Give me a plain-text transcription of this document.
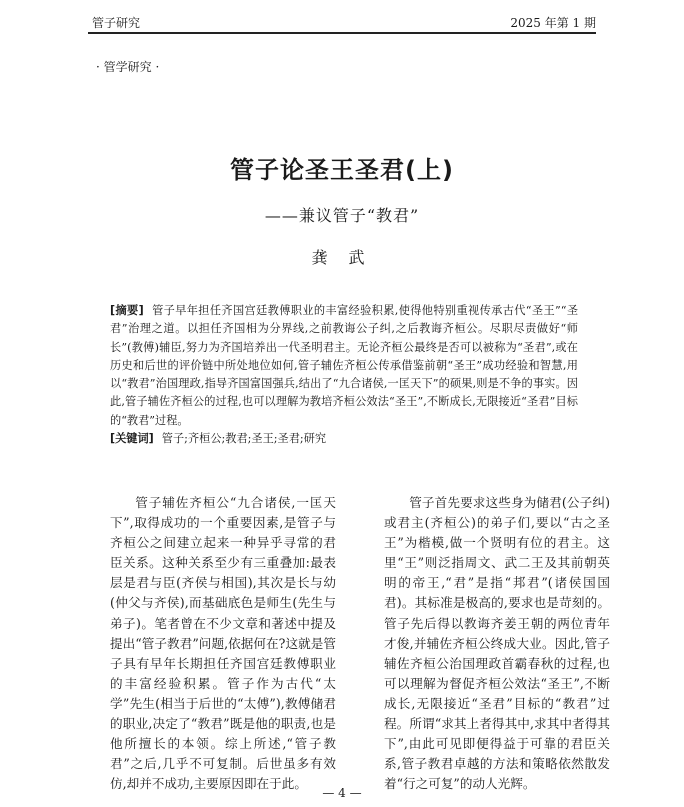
管子研究	2025 年第 1 期
· 管学研究 ·
管子论圣王圣君(上)
——兼议管子“教君”
龚 武
[摘要] 管子早年担任齐国宫廷教傅职业的丰富经验积累,使得他特别重视传承古代“圣王”“圣君”治理之道。以担任齐国相为分界线,之前教诲公子纠,之后教诲齐桓公。尽职尽责做好“师长”(教傅)辅臣,努力为齐国培养出一代圣明君主。无论齐桓公最终是否可以被称为“圣君”,或在历史和后世的评价链中所处地位如何,管子辅佐齐桓公传承借鉴前朝“圣王”成功经验和智慧,用以“教君”治国理政,指导齐国富国强兵,结出了“九合诸侯,一匡天下”的硕果,则是不争的事实。因此,管子辅佐齐桓公的过程,也可以理解为教培齐桓公效法“圣王”,不断成长,无限接近“圣君”目标的“教君”过程。
[关键词] 管子;齐桓公;教君;圣王;圣君;研究

管子辅佐齐桓公“九合诸侯,一匡天下”,取得成功的一个重要因素,是管子与齐桓公之间建立起来一种异乎寻常的君臣关系。这种关系至少有三重叠加:最表层是君与臣(齐侯与相国),其次是长与幼(仲父与齐侯),而基础底色是师生(先生与弟子)。笔者曾在不少文章和著述中提及提出“管子教君”问题,依据何在?这就是管子具有早年长期担任齐国宫廷教傅职业的丰富经验积累。管子作为古代“太学”先生(相当于后世的“太傅”),教傅储君的职业,决定了“教君”既是他的职责,也是他所擅长的本领。综上所述,“管子教君”之后,几乎不可复制。后世虽多有效仿,却并不成功,主要原因即在于此。

管子首先要求这些身为储君(公子纠)或君主(齐桓公)的弟子们,要以“古之圣王”为楷模,做一个贤明有位的君主。这里“王”则泛指周文、武二王及其前朝英明的帝王,“君”是指“邦君”(诸侯国国君)。其标准是极高的,要求也是苛刻的。管子先后得以教诲齐姜王朝的两位青年才俊,并辅佐齐桓公终成大业。因此,管子辅佐齐桓公治国理政首霸春秋的过程,也可以理解为督促齐桓公效法“圣王”,不断成长,无限接近“圣君”目标的“教君”过程。所谓“求其上者得其中,求其中者得其下”,由此可见即便得益于可靠的君臣关系,管子教君卓越的方法和策略依然散发着“行之可复”的动人光辉。

— 4 —
